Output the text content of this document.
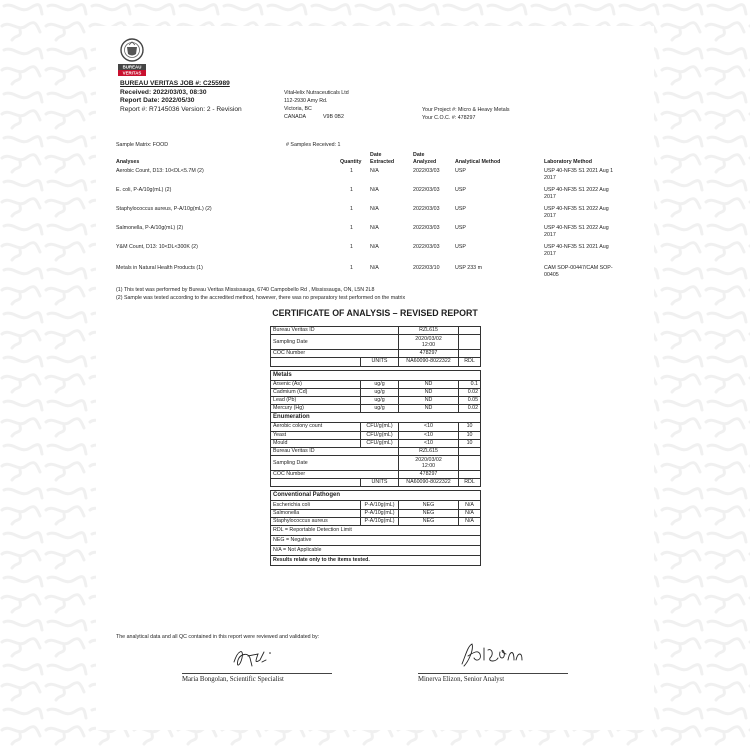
BUREAU
VERITAS
BUREAU VERITAS JOB #: C255989
Received: 2022/03/03, 08:30
Report Date: 2022/05/30
Report #: R7145036 Version: 2 - Revision
VitaHelix Nutraceuticals Ltd
112-2930 Amy Rd.
Victoria, BC
CANADA	V9B 0B2
Your Project #: Micro & Heavy Metals
Your C.O.C. #: 478297
Sample Matrix: FOOD	# Samples Received: 1
Analyses	Quantity
Date
Extracted
Date
Analyzed	Analytical Method	Laboratory Method
Aerobic Count, D13: 10<DL<5.7M (2)	1	N/A	2022/03/03	USP	USP 40-NF35 S1 2021 Aug 1
2017
E. coli, P-A/10g(mL) (2)	1	N/A	2022/03/03	USP	USP 40-NF35 S1 2022 Aug
2017
Staphylococcus aureus, P-A/10g(mL) (2)	1	N/A	2022/03/03	USP	USP 40-NF35 S1 2022 Aug
2017
Salmonella, P-A/10g(mL) (2)	1	N/A	2022/03/03	USP	USP 40-NF35 S1 2022 Aug
2017
Y&M Count, D13: 10<DL<300K (2)	1	N/A	2022/03/03	USP	USP 40-NF35 S1 2021 Aug
2017
Metals in Natural Health Products (1)	1	N/A	2022/03/10	USP 233 m	CAM SOP-00447/CAM SOP-
00405
(1) This test was performed by Bureau Veritas Mississauga, 6740 Campobello Rd , Mississauga, ON, L5N 2L8
(2) Sample was tested according to the accredited method, however, there was no preparatory test performed on the matrix
CERTIFICATE OF ANALYSIS – REVISED REPORT
Bureau Veritas ID		RZL615	
Sampling Date		2020/03/02
12:00	
COC Number		478297	
	UNITS	NA60090-8022322	RDL

Metals			
Arsenic (As)	ug/g	ND	0.1
Cadmium (Cd)	ug/g	ND	0.02
Lead (Pb)	ug/g	ND	0.05
Mercury (Hg)	ug/g	ND	0.02
Enumeration			
Aerobic colony count	CFU/g(mL)	<10	10
Yeast	CFU/g(mL)	<10	10
Mould	CFU/g(mL)	<10	10
Bureau Veritas ID		RZL615	
Sampling Date		2020/03/02
12:00	
COC Number		478297	
	UNITS	NA60090-8022322	RDL

Conventional Pathogen			
Escherichia coli	P-A/10g(mL)	NEG	N/A
Salmonella	P-A/10g(mL)	NEG	N/A
Staphylococcus aureus	P-A/10g(mL)	NEG	N/A
RDL = Reportable Detection Limit			
NEG = Negative			
N/A = Not Applicable			
Results relate only to the items tested.			
The analytical data and all QC contained in this report were reviewed and validated by:
Maria Bongolan, Scientific Specialist	Minerva Elizon, Senior Analyst
